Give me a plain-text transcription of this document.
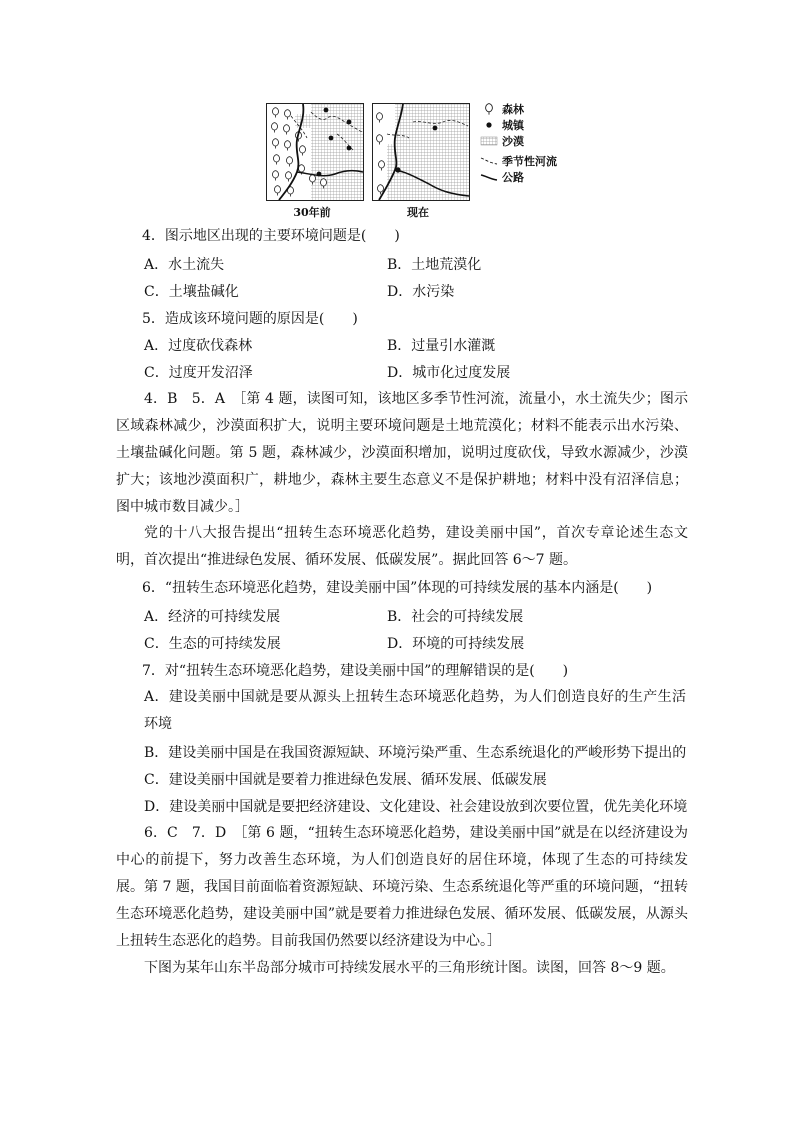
30年前	现在
森林
城镇
沙漠
季节性河流
公路
4．图示地区出现的主要环境问题是(　　)
A．水土流失	B．土地荒漠化
C．土壤盐碱化	D．水污染
5．造成该环境问题的原因是(　　)
A．过度砍伐森林	B．过量引水灌溉
C．过度开发沼泽	D．城市化过度发展
4．B　5．A　［第 4 题，读图可知，该地区多季节性河流，流量小，水土流失少；图示区域森林减少，沙漠面积扩大，说明主要环境问题是土地荒漠化；材料不能表示出水污染、土壤盐碱化问题。第 5 题，森林减少，沙漠面积增加，说明过度砍伐，导致水源减少，沙漠扩大；该地沙漠面积广，耕地少，森林主要生态意义不是保护耕地；材料中没有沼泽信息；图中城市数目减少。］
党的十八大报告提出“扭转生态环境恶化趋势，建设美丽中国”，首次专章论述生态文明，首次提出“推进绿色发展、循环发展、低碳发展”。据此回答 6～7 题。
6．“扭转生态环境恶化趋势，建设美丽中国”体现的可持续发展的基本内涵是(　　)
A．经济的可持续发展	B．社会的可持续发展
C．生态的可持续发展	D．环境的可持续发展
7．对“扭转生态环境恶化趋势，建设美丽中国”的理解错误的是(　　)
A．建设美丽中国就是要从源头上扭转生态环境恶化趋势，为人们创造良好的生产生活环境
B．建设美丽中国是在我国资源短缺、环境污染严重、生态系统退化的严峻形势下提出的
C．建设美丽中国就是要着力推进绿色发展、循环发展、低碳发展
D．建设美丽中国就是要把经济建设、文化建设、社会建设放到次要位置，优先美化环境
6．C　7．D　［第 6 题，“扭转生态环境恶化趋势，建设美丽中国”就是在以经济建设为中心的前提下，努力改善生态环境，为人们创造良好的居住环境，体现了生态的可持续发展。第 7 题，我国目前面临着资源短缺、环境污染、生态系统退化等严重的环境问题，“扭转生态环境恶化趋势，建设美丽中国”就是要着力推进绿色发展、循环发展、低碳发展，从源头上扭转生态恶化的趋势。目前我国仍然要以经济建设为中心。］
下图为某年山东半岛部分城市可持续发展水平的三角形统计图。读图，回答 8～9 题。
